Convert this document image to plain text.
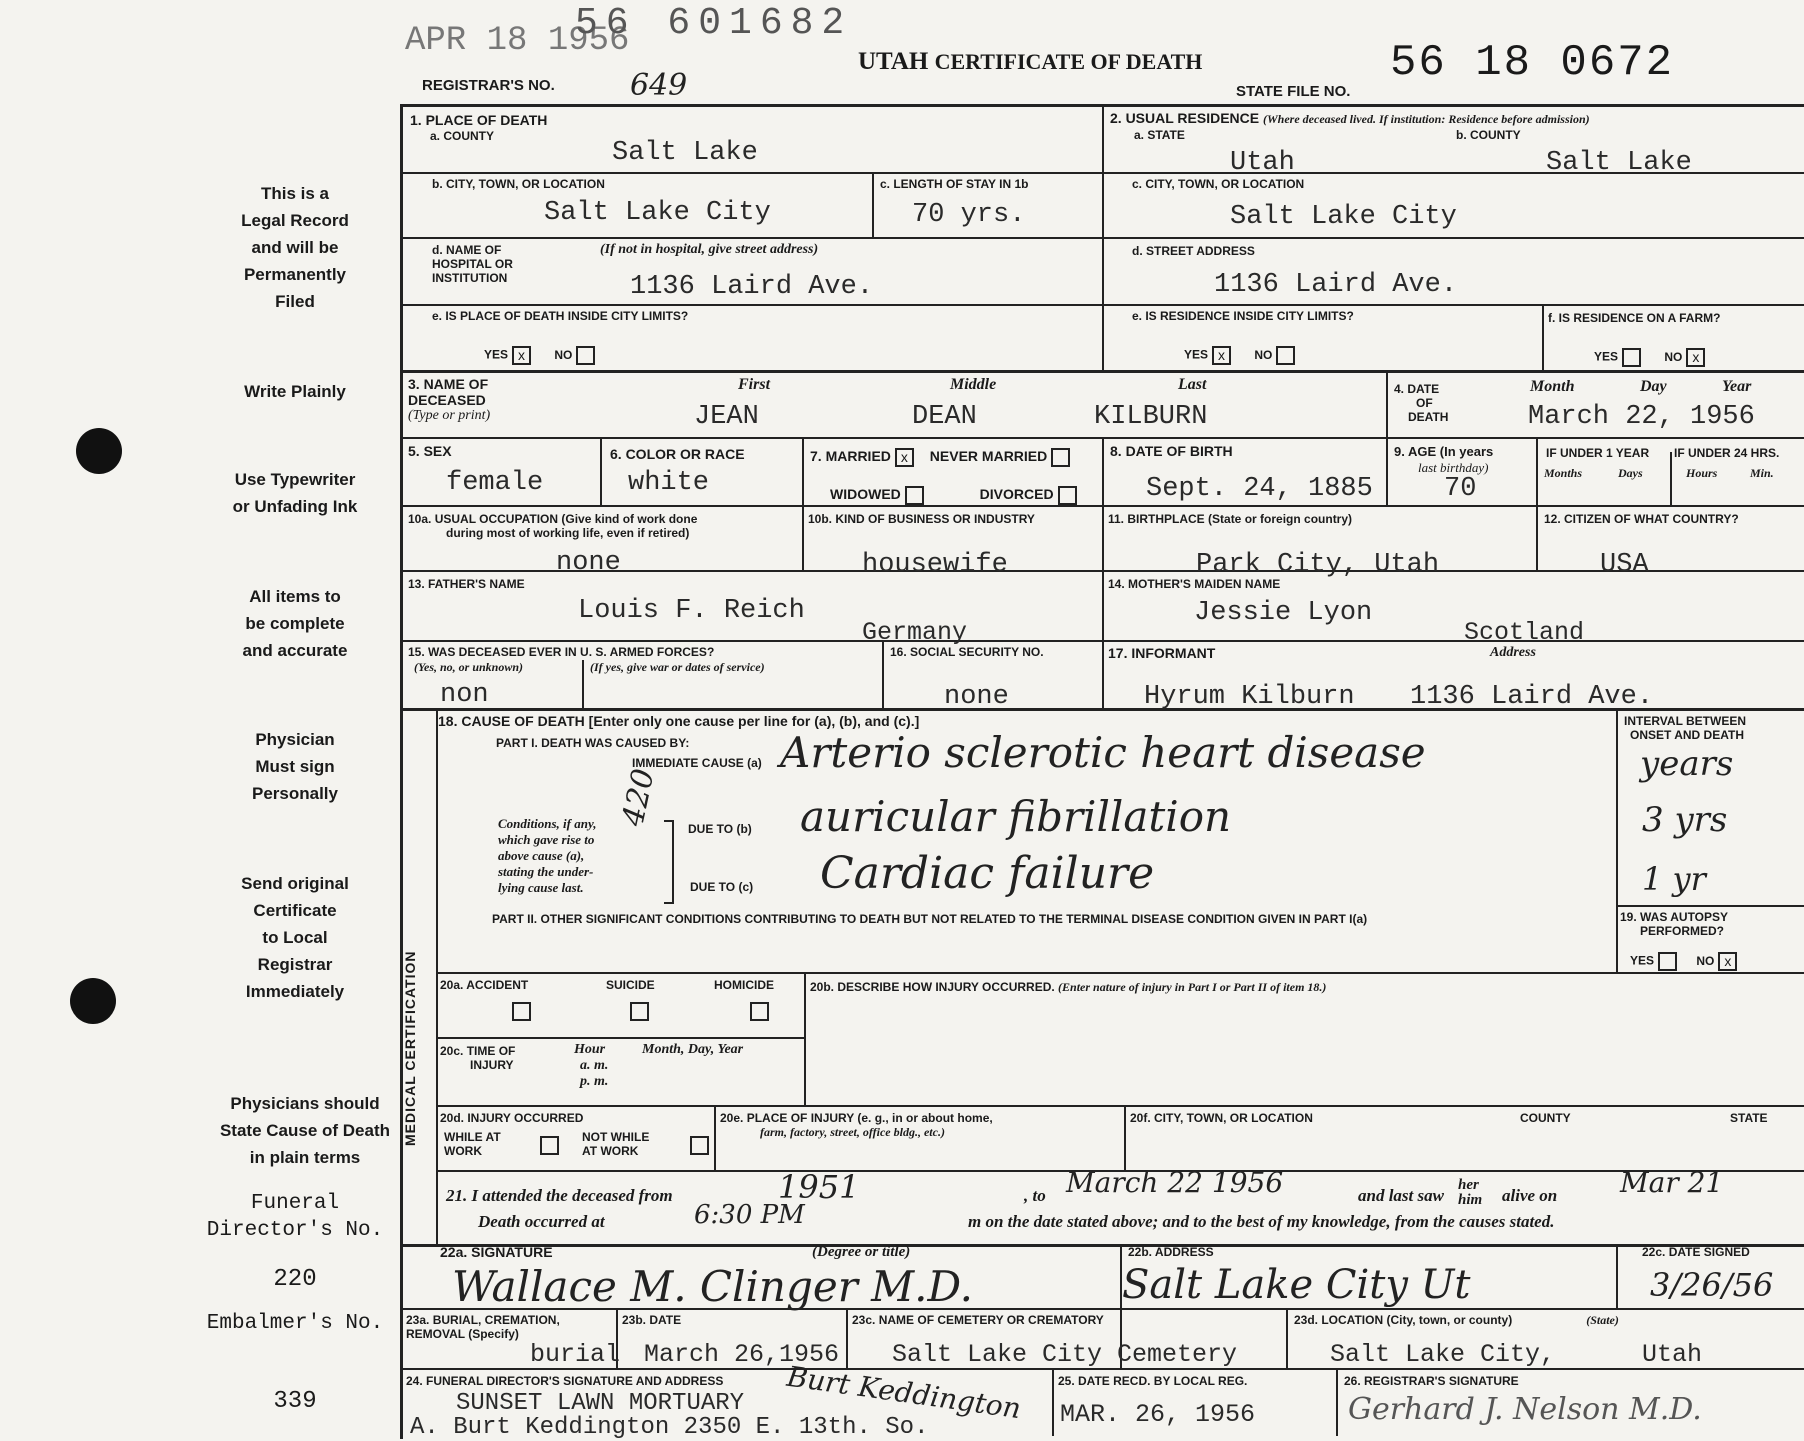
APR 18 1956
56 601682
REGISTRAR'S NO.	649
UTAH CERTIFICATE OF DEATH
STATE FILE NO.
56 18 0672
This is a
Legal Record
and will be
Permanently
Filed
Write Plainly
Use Typewriter
or Unfading Ink
All items to
be complete
and accurate
Physician
Must sign
Personally
Send original
Certificate
to Local
Registrar
Immediately
Physicians should
State Cause of Death
in plain terms
Funeral
Director's No.
220
Embalmer's No.
339
1. PLACE OF DEATH
a. COUNTY
Salt Lake
2. USUAL RESIDENCE (Where deceased lived. If institution: Residence before admission)
a. STATE	b. COUNTY
Utah	Salt Lake
b. CITY, TOWN, OR LOCATION
Salt Lake City
c. LENGTH OF STAY IN 1b
70 yrs.
c. CITY, TOWN, OR LOCATION
Salt Lake City
d. NAME OF
HOSPITAL OR
INSTITUTION
(If not in hospital, give street address)
1136 Laird Ave.
d. STREET ADDRESS
1136 Laird Ave.
e. IS PLACE OF DEATH INSIDE CITY LIMITS?
YES x NO
e. IS RESIDENCE INSIDE CITY LIMITS?
YES x NO
f. IS RESIDENCE ON A FARM?
YES	NO x
3. NAME OF
DECEASED
(Type or print)
First	Middle	Last
JEAN	DEAN	KILBURN
4. DATE
OF
DEATH
Month	Day	Year
March 22, 1956
5. SEX
female
6. COLOR OR RACE
white
7. MARRIED x NEVER MARRIED
WIDOWED	DIVORCED
8. DATE OF BIRTH
Sept. 24, 1885
9. AGE (In years
last birthday)
70
IF UNDER 1 YEAR IF UNDER 24 HRS.
Months	Days	Hours	Min.
10a. USUAL OCCUPATION (Give kind of work done
during most of working life, even if retired)
none
10b. KIND OF BUSINESS OR INDUSTRY
housewife
11. BIRTHPLACE (State or foreign country)
Park City, Utah
12. CITIZEN OF WHAT COUNTRY?
USA
13. FATHER'S NAME
Louis F. Reich
Germany
14. MOTHER'S MAIDEN NAME
Jessie Lyon
Scotland
15. WAS DECEASED EVER IN U. S. ARMED FORCES?
(Yes, no, or unknown)	(If yes, give war or dates of service)
non
16. SOCIAL SECURITY NO.
none
17. INFORMANT	Address
Hyrum Kilburn 1136 Laird Ave.
MEDICAL CERTIFICATION
18. CAUSE OF DEATH [Enter only one cause per line for (a), (b), and (c).]	INTERVAL BETWEEN
ONSET AND DEATH
PART I. DEATH WAS CAUSED BY:
IMMEDIATE CAUSE (a)
420
Arterio sclerotic heart disease	years
Conditions, if any,
which gave rise to
above cause (a),
stating the under-
lying cause last.
DUE TO (b) auricular fibrillation	3 yrs
DUE TO (c) Cardiac failure	1 yr
PART II. OTHER SIGNIFICANT CONDITIONS CONTRIBUTING TO DEATH BUT NOT RELATED TO THE TERMINAL DISEASE CONDITION GIVEN IN PART I(a)	19. WAS AUTOPSY
PERFORMED?
YES	NO x
20a. ACCIDENT	SUICIDE	HOMICIDE	20b. DESCRIBE HOW INJURY OCCURRED. (Enter nature of injury in Part I or Part II of item 18.)
20c. TIME OF
INJURY
Hour
a. m.
p. m.
Month, Day, Year
20d. INJURY OCCURRED
WHILE AT
WORK
NOT WHILE
AT WORK
20e. PLACE OF INJURY (e. g., in or about home,
farm, factory, street, office bldg., etc.)
20f. CITY, TOWN, OR LOCATION	COUNTY	STATE
21. I attended the deceased from	1951	, to March 22 1956	and last saw
her
him alive on Mar 21
Death occurred at	6:30 PM	m on the date stated above; and to the best of my knowledge, from the causes stated.
22a. SIGNATURE	(Degree or title)
Wallace M. Clinger M.D.
22b. ADDRESS
Salt Lake City Ut
22c. DATE SIGNED
3/26/56
23a. BURIAL, CREMATION,
REMOVAL (Specify)
burial
23b. DATE
March 26,1956
23c. NAME OF CEMETERY OR CREMATORY
Salt Lake City Cemetery
23d. LOCATION (City, town, or county)	(State)
Salt Lake City,	Utah
24. FUNERAL DIRECTOR'S SIGNATURE AND ADDRESS
SUNSET LAWN MORTUARY
A. Burt Keddington 2350 E. 13th. So.
Burt Keddington	25. DATE RECD. BY LOCAL REG.
MAR. 26, 1956
26. REGISTRAR'S SIGNATURE
Gerhard J. Nelson M.D.
